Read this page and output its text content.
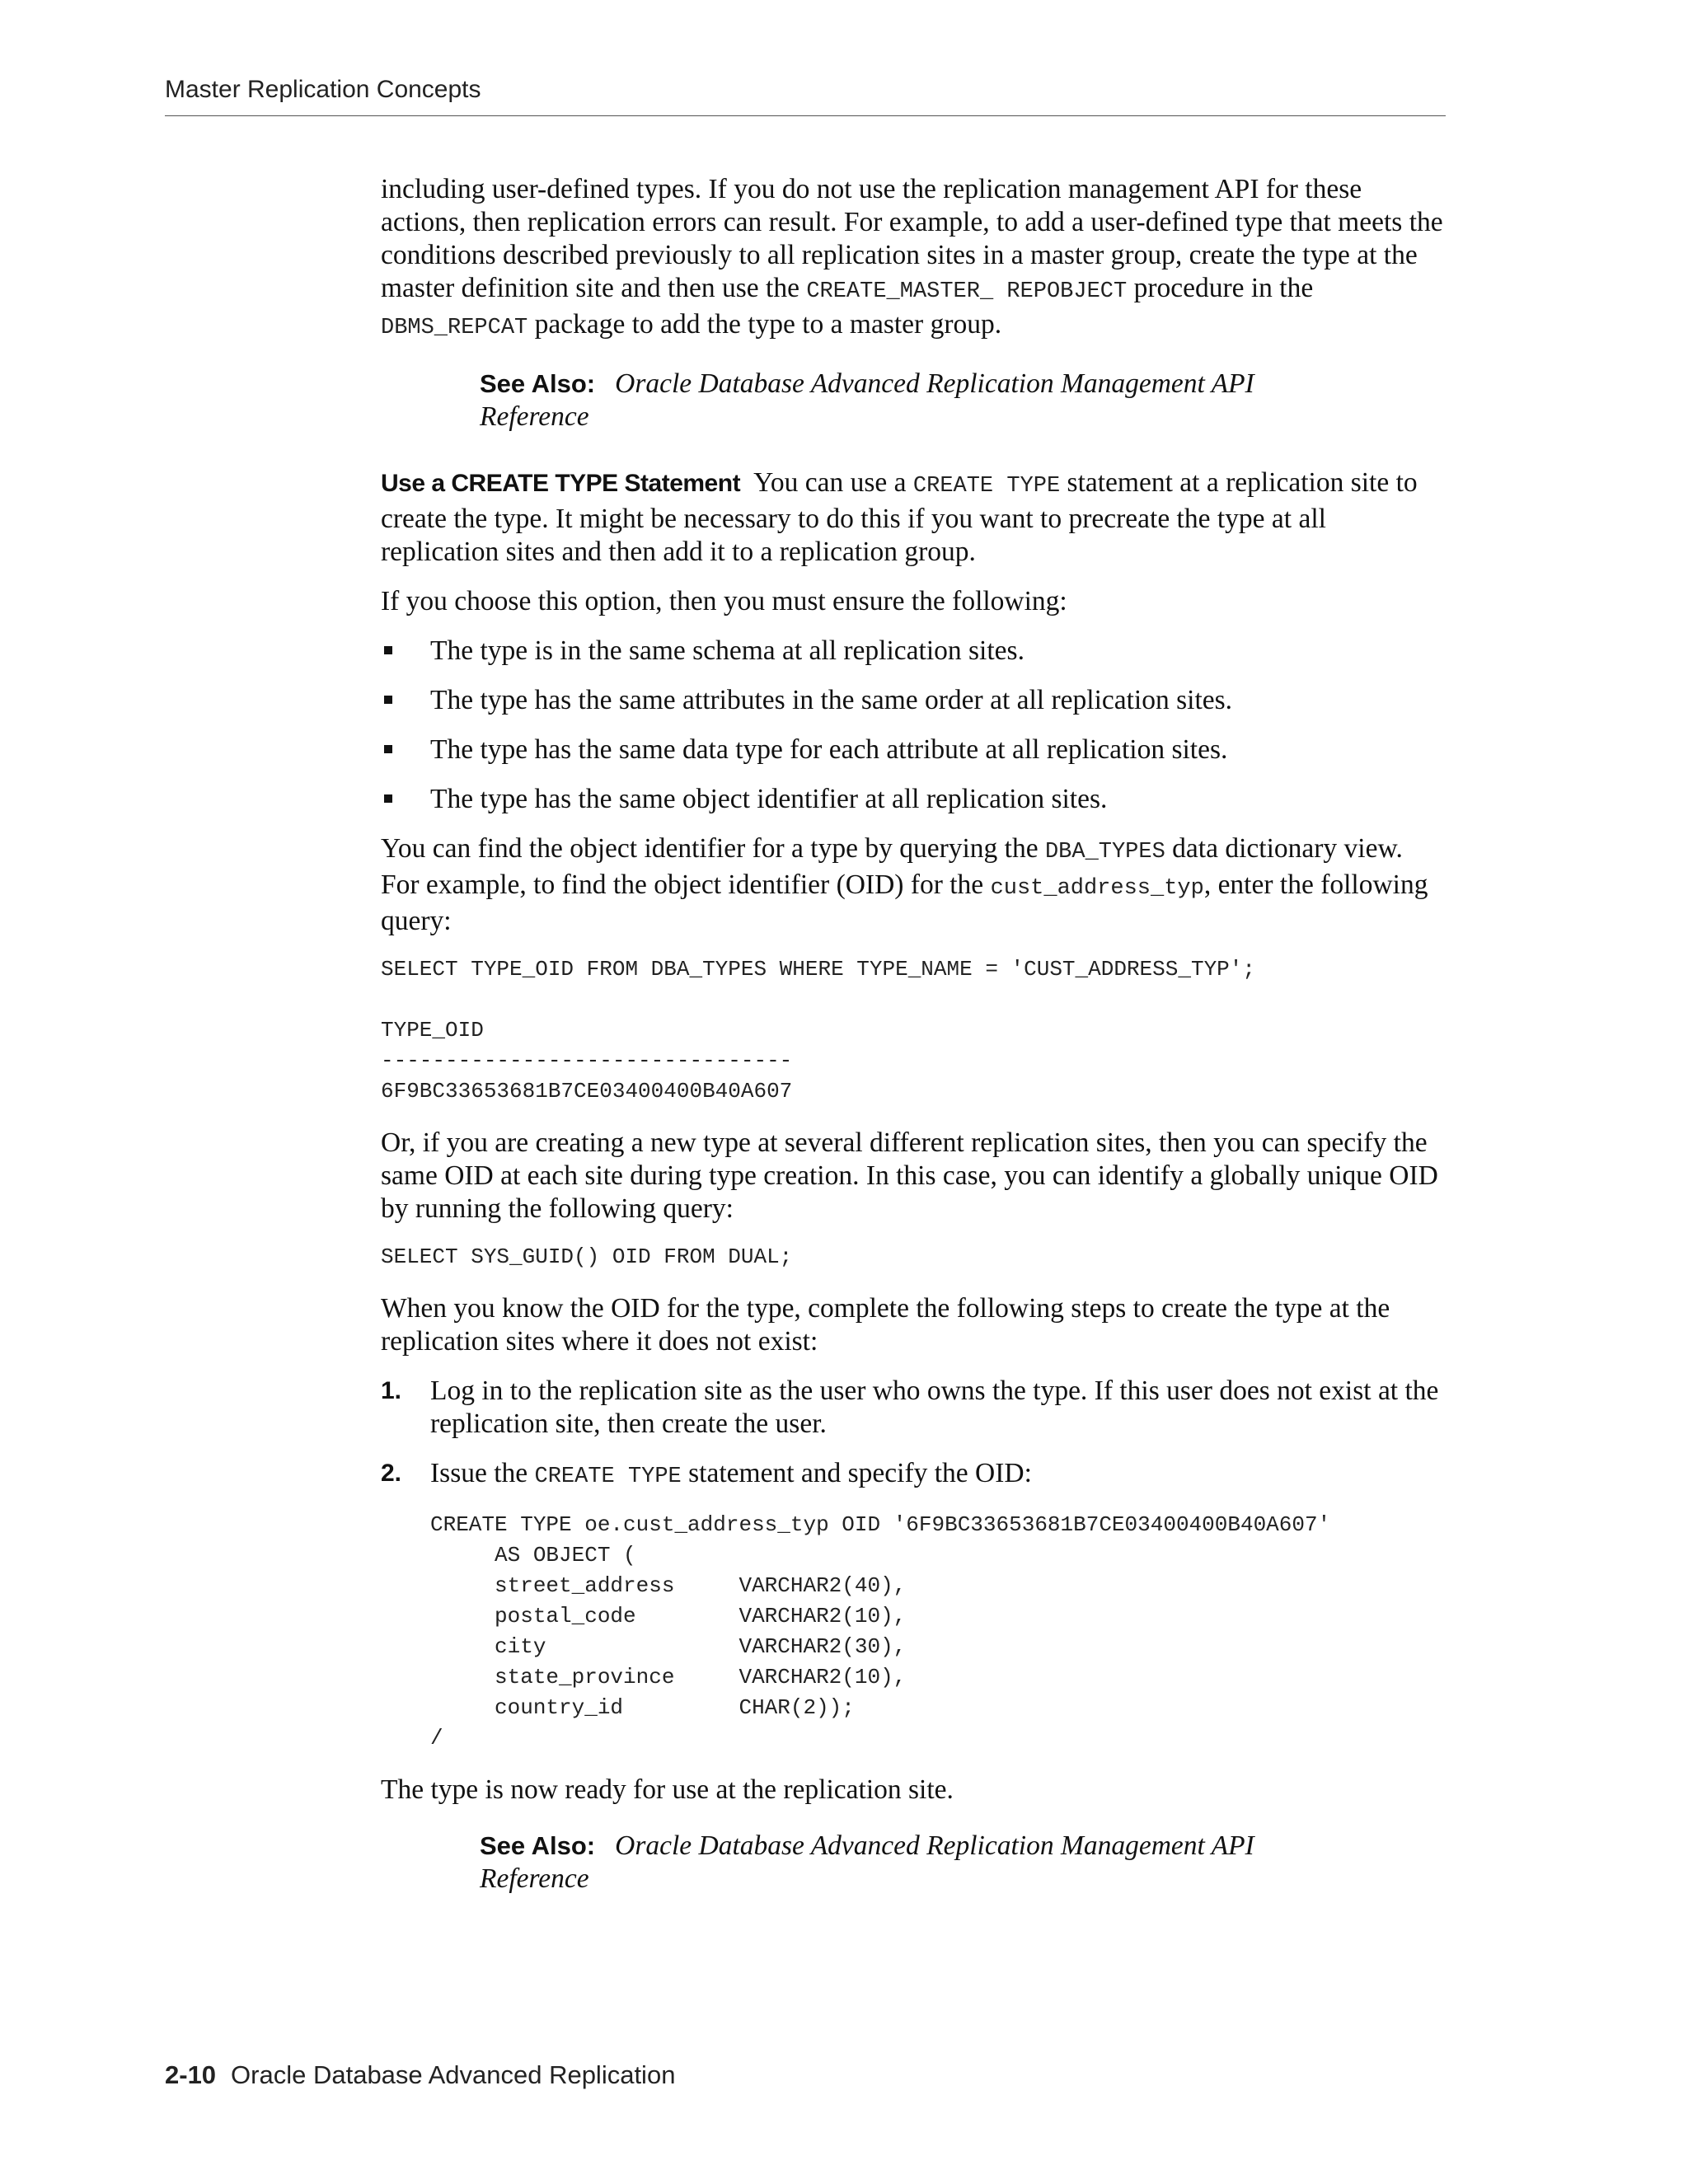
Master Replication Concepts

including user-defined types. If you do not use the replication management API for these actions, then replication errors can result. For example, to add a user-defined type that meets the conditions described previously to all replication sites in a master group, create the type at the master definition site and then use the CREATE_MASTER_ REPOBJECT procedure in the DBMS_REPCAT package to add the type to a master group.

See Also: Oracle Database Advanced Replication Management API Reference

Use a CREATE TYPE Statement You can use a CREATE TYPE statement at a replication site to create the type. It might be necessary to do this if you want to precreate the type at all replication sites and then add it to a replication group.

If you choose this option, then you must ensure the following:

The type is in the same schema at all replication sites.
The type has the same attributes in the same order at all replication sites.
The type has the same data type for each attribute at all replication sites.
The type has the same object identifier at all replication sites.

You can find the object identifier for a type by querying the DBA_TYPES data dictionary view. For example, to find the object identifier (OID) for the cust_address_typ, enter the following query:

SELECT TYPE_OID FROM DBA_TYPES WHERE TYPE_NAME = 'CUST_ADDRESS_TYP';

TYPE_OID
--------------------------------
6F9BC33653681B7CE03400400B40A607

Or, if you are creating a new type at several different replication sites, then you can specify the same OID at each site during type creation. In this case, you can identify a globally unique OID by running the following query:

SELECT SYS_GUID() OID FROM DUAL;

When you know the OID for the type, complete the following steps to create the type at the replication sites where it does not exist:

1. Log in to the replication site as the user who owns the type. If this user does not exist at the replication site, then create the user.
2. Issue the CREATE TYPE statement and specify the OID:
CREATE TYPE oe.cust_address_typ OID '6F9BC33653681B7CE03400400B40A607'
AS OBJECT (
street_address     VARCHAR2(40),
postal_code        VARCHAR2(10),
city               VARCHAR2(30),
state_province     VARCHAR2(10),
country_id         CHAR(2));
/

The type is now ready for use at the replication site.

See Also: Oracle Database Advanced Replication Management API Reference
2-10 Oracle Database Advanced Replication
